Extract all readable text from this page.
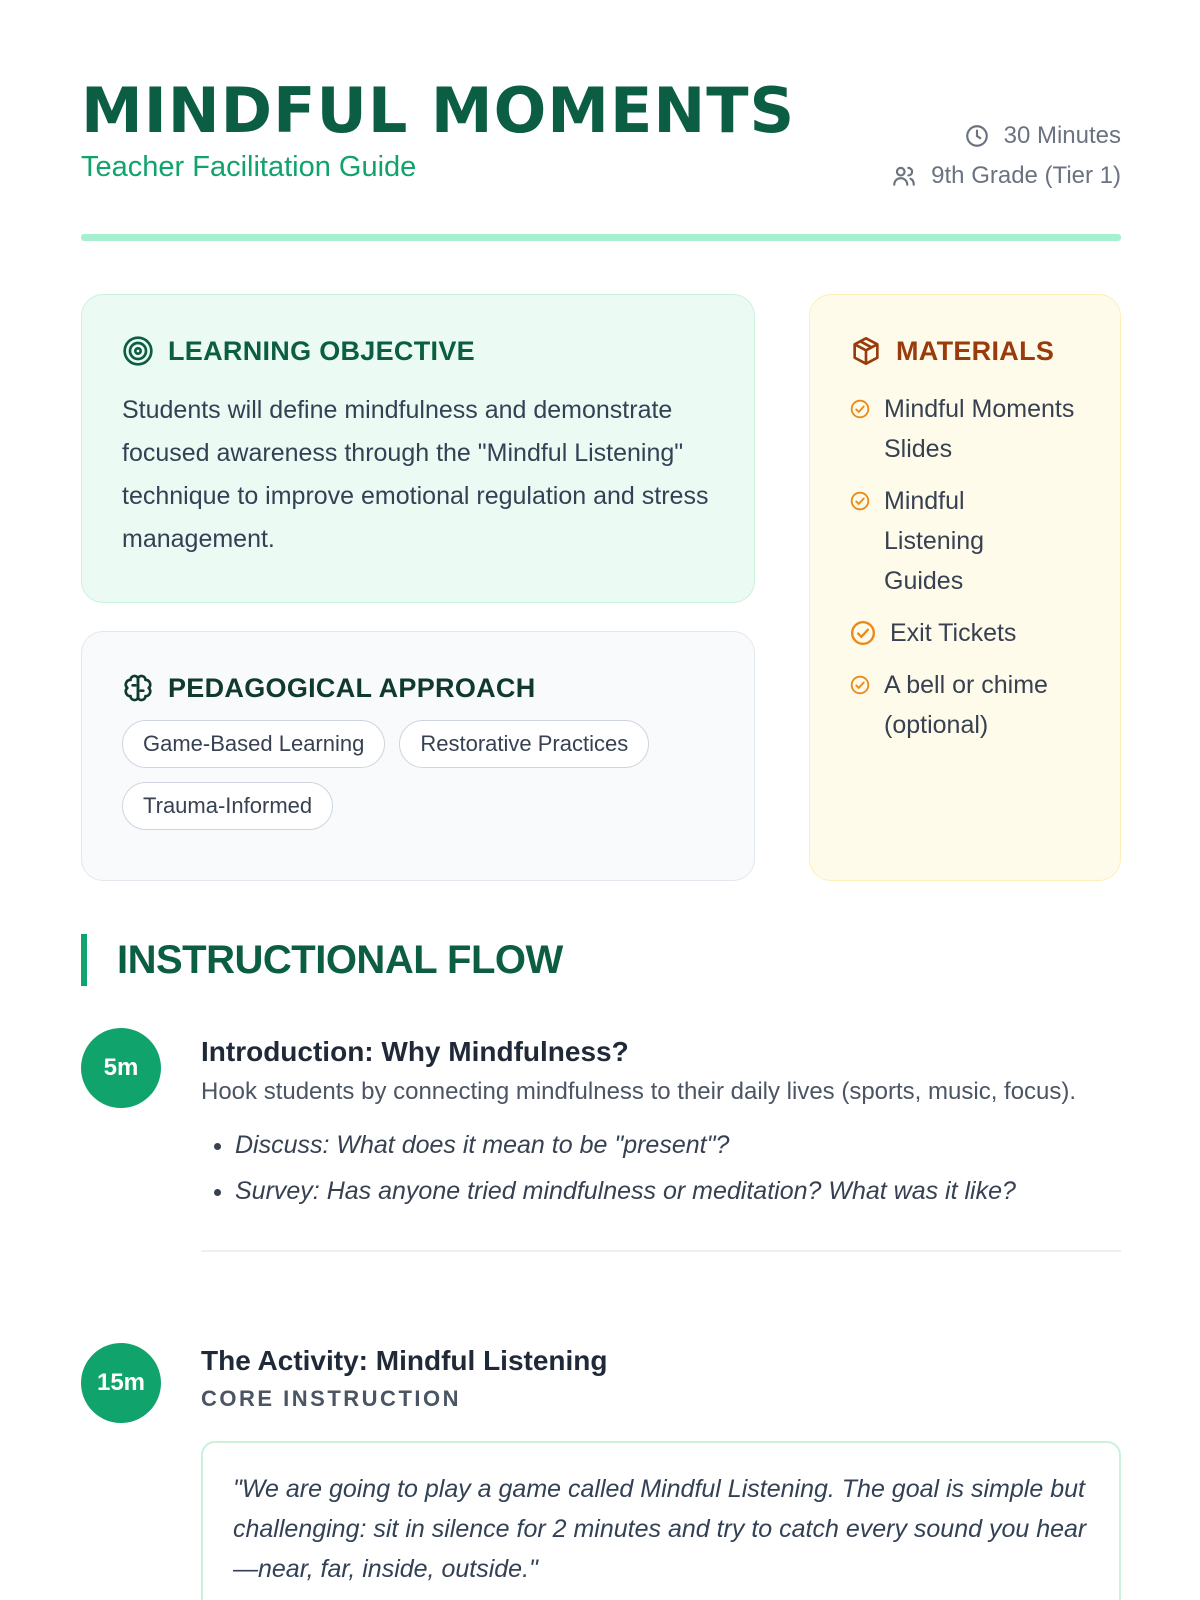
MINDFUL MOMENTS
Teacher Facilitation Guide
30 Minutes
9th Grade (Tier 1)
LEARNING OBJECTIVE

Students will define mindfulness and demonstrate focused awareness through the "Mindful Listening" technique to improve emotional regulation and stress management.

PEDAGOGICAL APPROACH
Game-Based Learning	Restorative Practices
Trauma-Informed
MATERIALS
Mindful Moments Slides
Mindful Listening Guides
Exit Tickets
A bell or chime (optional)
INSTRUCTIONAL FLOW
5m
Introduction: Why Mindfulness?
Hook students by connecting mindfulness to their daily lives (sports, music, focus).
• Discuss: What does it mean to be "present"?
• Survey: Has anyone tried mindfulness or meditation? What was it like?
15m
The Activity: Mindful Listening
CORE INSTRUCTION
"We are going to play a game called Mindful Listening. The goal is simple but challenging: sit in silence for 2 minutes and try to catch every sound you hear—near, far, inside, outside."
